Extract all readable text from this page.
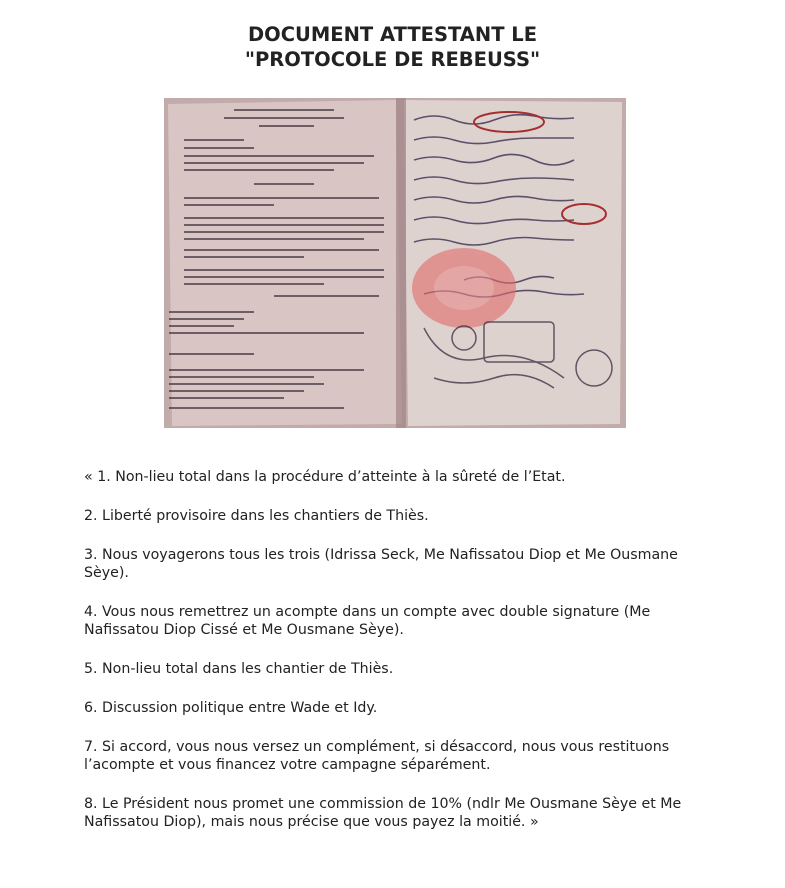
DOCUMENT ATTESTANT LE
"PROTOCOLE DE REBEUSS"

« 1. Non-lieu total dans la procédure d’atteinte à la sûreté de l’Etat.

2. Liberté provisoire dans les chantiers de Thiès.

3. Nous voyagerons tous les trois (Idrissa Seck, Me Nafissatou Diop et Me Ousmane Sèye).

4. Vous nous remettrez un acompte dans un compte avec double signature (Me Nafissatou Diop Cissé et Me Ousmane Sèye).

5. Non-lieu total dans les chantier de Thiès.

6. Discussion politique entre Wade et Idy.

7. Si accord, vous nous versez un complément, si désaccord, nous vous restituons l’acompte et vous financez votre campagne séparément.

8. Le Président nous promet une commission de 10% (ndlr Me Ousmane Sèye et Me Nafissatou Diop), mais nous précise que vous payez la moitié. »
